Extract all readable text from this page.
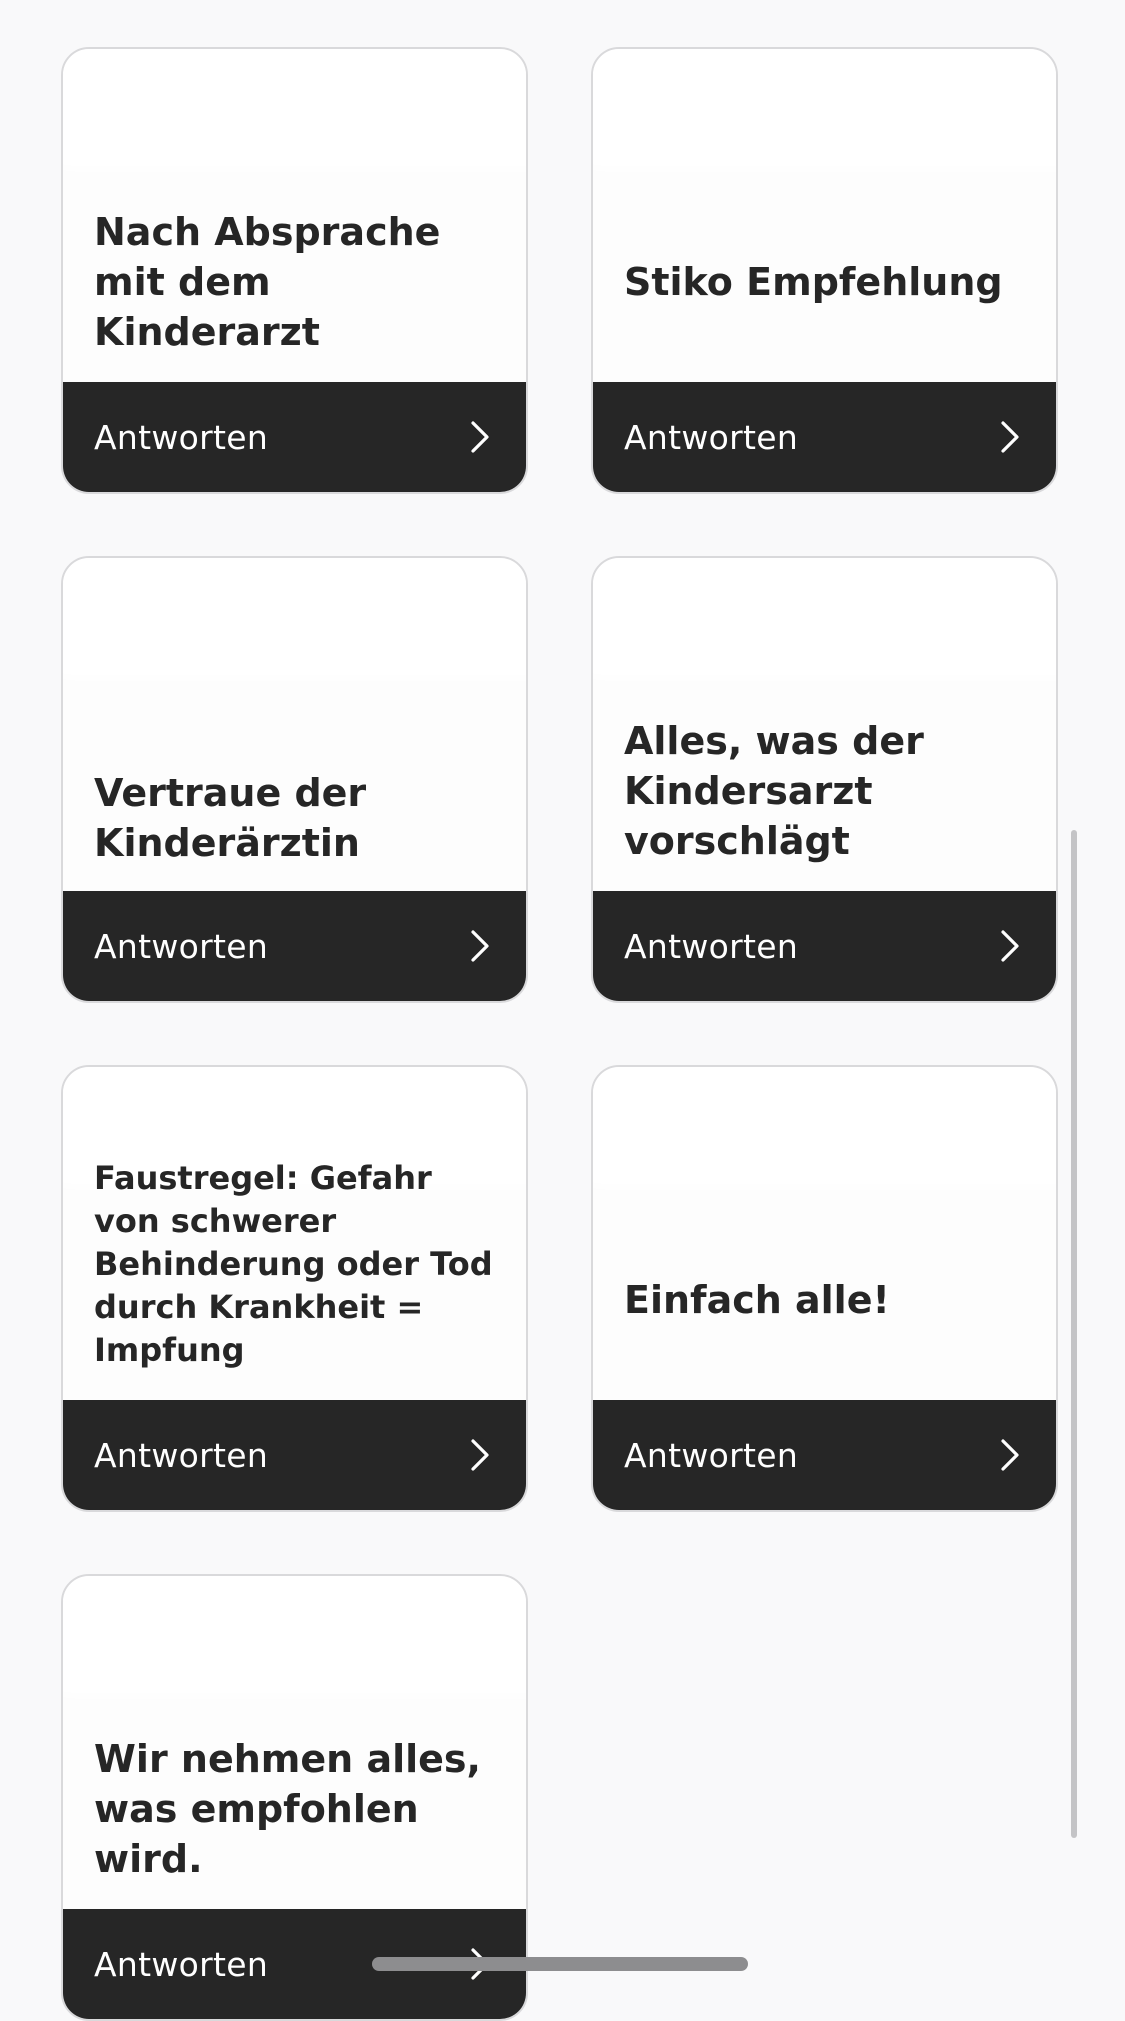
Nach Absprache mit dem Kinderarzt

Antworten

Stiko Empfehlung

Antworten

Vertraue der Kinderärztin

Antworten

Alles, was der Kindersarzt vorschlägt

Antworten

Faustregel: Gefahr von schwerer Behinderung oder Tod durch Krankheit = Impfung

Antworten

Einfach alle!

Antworten

Wir nehmen alles, was empfohlen wird.

Antworten
